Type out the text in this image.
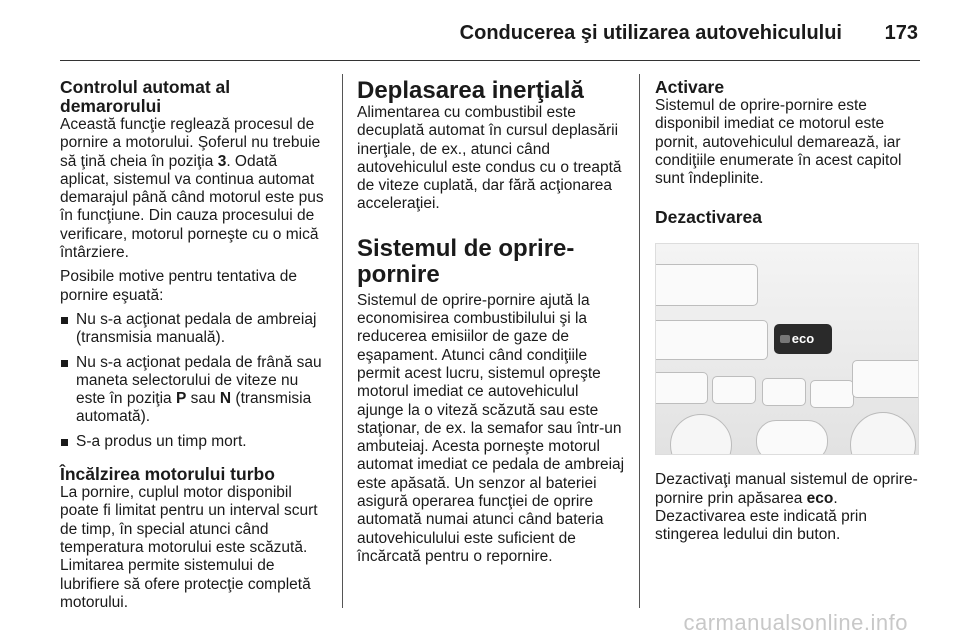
Conducerea şi utilizarea autovehiculului 173
Controlul automat al demarorului

Această funcţie reglează procesul de pornire a motorului. Şoferul nu trebuie să ţină cheia în poziţia 3. Odată aplicat, sistemul va continua automat demarajul până când motorul este pus în funcţiune. Din cauza procesului de verificare, motorul porneşte cu o mică întârziere.

Posibile motive pentru tentativa de pornire eşuată:

Nu s-a acţionat pedala de ambreiaj (transmisia manuală).
Nu s-a acţionat pedala de frână sau maneta selectorului de viteze nu este în poziţia P sau N (transmisia automată).
S-a produs un timp mort.
Încălzirea motorului turbo

La pornire, cuplul motor disponibil poate fi limitat pentru un interval scurt de timp, în special atunci când temperatura motorului este scăzută. Limitarea permite sistemului de lubrifiere să ofere protecţie completă motorului.

Deplasarea inerţială

Alimentarea cu combustibil este decuplată automat în cursul deplasării inerţiale, de ex., atunci când autovehiculul este condus cu o treaptă de viteze cuplată, dar fără acţionarea acceleraţiei.

Sistemul de oprire-pornire

Sistemul de oprire-pornire ajută la economisirea combustibilului şi la reducerea emisiilor de gaze de eşapament. Atunci când condiţiile permit acest lucru, sistemul opreşte motorul imediat ce autovehiculul ajunge la o viteză scăzută sau este staţionar, de ex. la semafor sau într-un ambuteiaj. Acesta porneşte motorul automat imediat ce pedala de ambreiaj este apăsată. Un senzor al bateriei asigură operarea funcţiei de oprire automată numai atunci când bateria autovehiculului este suficient de încărcată pentru o repornire.

Activare

Sistemul de oprire-pornire este disponibil imediat ce motorul este pornit, autovehiculul demarează, iar condiţiile enumerate în acest capitol sunt îndeplinite.

Dezactivarea
eco

Dezactivaţi manual sistemul de oprire-pornire prin apăsarea eco. Dezactivarea este indicată prin stingerea ledului din buton.

carmanualsonline.info
